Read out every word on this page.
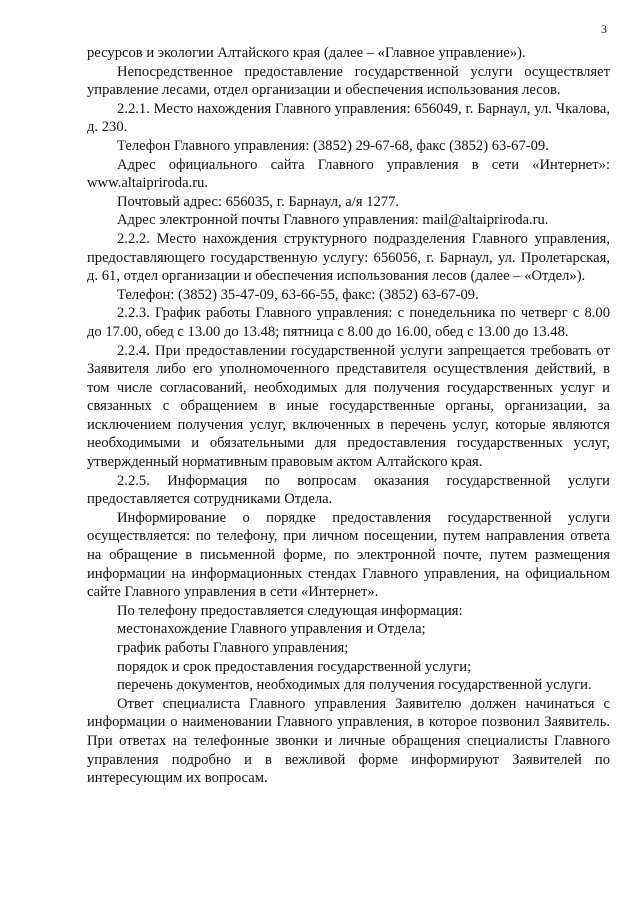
3

ресурсов и экологии Алтайского края (далее – «Главное управление»).

Непосредственное предоставление государственной услуги осуществляет управление лесами, отдел организации и обеспечения использования лесов.

2.2.1. Место нахождения Главного управления: 656049, г. Барнаул, ул. Чкалова, д. 230.

Телефон Главного управления: (3852) 29-67-68, факс (3852) 63-67-09.

Адрес официального сайта Главного управления в сети «Интернет»: www.altaipriroda.ru.

Почтовый адрес: 656035, г. Барнаул, а/я 1277.

Адрес электронной почты Главного управления: mail@altaipriroda.ru.

2.2.2. Место нахождения структурного подразделения Главного управления, предоставляющего государственную услугу: 656056, г. Барнаул, ул. Пролетарская, д. 61, отдел организации и обеспечения использования лесов (далее – «Отдел»).

Телефон: (3852) 35-47-09, 63-66-55, факс: (3852) 63-67-09.

2.2.3. График работы Главного управления: с понедельника по четверг с 8.00 до 17.00, обед с 13.00 до 13.48; пятница с 8.00 до 16.00, обед с 13.00 до 13.48.

2.2.4. При предоставлении государственной услуги запрещается требовать от Заявителя либо его уполномоченного представителя осуществления действий, в том числе согласований, необходимых для получения государственных услуг и связанных с обращением в иные государственные органы, организации, за исключением получения услуг, включенных в перечень услуг, которые являются необходимыми и обязательными для предоставления государственных услуг, утвержденный нормативным правовым актом Алтайского края.

2.2.5. Информация по вопросам оказания государственной услуги предоставляется сотрудниками Отдела.

Информирование о порядке предоставления государственной услуги осуществляется: по телефону, при личном посещении, путем направления ответа на обращение в письменной форме, по электронной почте, путем размещения информации на информационных стендах Главного управления, на официальном сайте Главного управления в сети «Интернет».

По телефону предоставляется следующая информация:

местонахождение Главного управления и Отдела;

график работы Главного управления;

порядок и срок предоставления государственной услуги;

перечень документов, необходимых для получения государственной услуги.

Ответ специалиста Главного управления Заявителю должен начинаться с информации о наименовании Главного управления, в которое позвонил Заявитель. При ответах на телефонные звонки и личные обращения специалисты Главного управления подробно и в вежливой форме информируют Заявителей по интересующим их вопросам.
